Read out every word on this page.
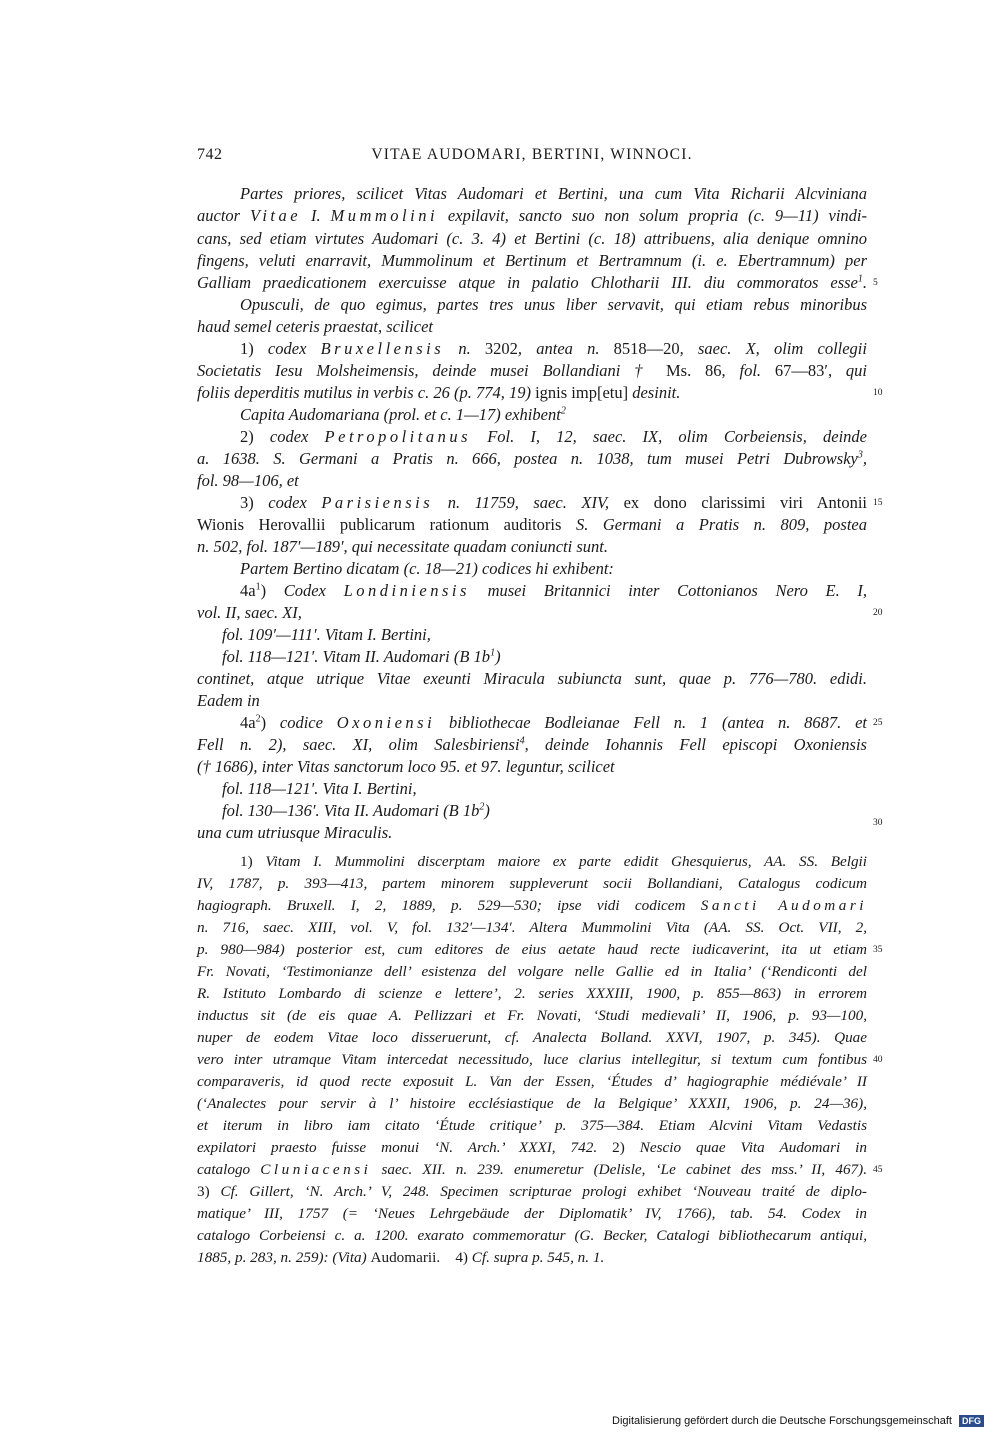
742	VITAE AUDOMARI, BERTINI, WINNOCI.
Partes priores, scilicet Vitas Audomari et Bertini, una cum Vita Richarii Alcviniana
auctor Vitae I. Mummolini expilavit, sancto suo non solum propria (c. 9—11) vindi-
cans, sed etiam virtutes Audomari (c. 3. 4) et Bertini (c. 18) attribuens, alia denique omnino
fingens, veluti enarravit, Mummolinum et Bertinum et Bertramnum (i. e. Ebertramnum) per
Galliam praedicationem exercuisse atque in palatio Chlotharii III. diu commoratos esse$^1$. 5
Opusculi, de quo egimus, partes tres unus liber servavit, qui etiam rebus minoribus
haud semel ceteris praestat, scilicet
1) codex Bruxellensis n. 3202, antea n. 8518—20, saec. X, olim collegii
Societatis Iesu Molsheimensis, deinde musei Bollandiani † Ms. 86, fol. 67—83′, qui
foliis deperditis mutilus in verbis c. 26 (p. 774, 19) ignis imp[etu] desinit.	10
Capita Audomariana (prol. et c. 1—17) exhibent$^2$
2) codex Petropolitanus Fol. I, 12, saec. IX, olim Corbeiensis, deinde
a. 1638. S. Germani a Pratis n. 666, postea n. 1038, tum musei Petri Dubrowsky$^3$,
fol. 98—106, et
3) codex Parisiensis n. 11759, saec. XIV, ex dono clarissimi viri Antonii 15
Wionis Herovallii publicarum rationum auditoris S. Germani a Pratis n. 809, postea
n. 502, fol. 187′—189′, qui necessitate quadam coniuncti sunt.
Partem Bertino dicatam (c. 18—21) codices hi exhibent:
$4a^1$) Codex Londiniensis musei Britannici inter Cottonianos Nero E. I,
vol. II, saec. XI,	20
fol. 109′—111′. Vitam I. Bertini,
fol. 118—121′. Vitam II. Audomari (B $1b^1$)
continet, atque utrique Vitae exeunti Miracula subiuncta sunt, quae p. 776—780. edidi.
Eadem in
$4a^2$) codice Oxoniensi bibliothecae Bodleianae Fell n. 1 (antea n. 8687. et 25
Fell n. 2), saec. XI, olim Salesbiriensi$^4$, deinde Iohannis Fell episcopi Oxoniensis
(† 1686), inter Vitas sanctorum loco 95. et 97. leguntur, scilicet
fol. 118—121′. Vita I. Bertini,
fol. 130—136′. Vita II. Audomari (B $1b^2$)
una cum utriusque Miraculis.	30
1) Vitam I. Mummolini discerptam maiore ex parte edidit Ghesquierus, AA. SS. Belgii
IV, 1787, p. 393—413, partem minorem suppleverunt socii Bollandiani, Catalogus codicum
hagiograph. Bruxell. I, 2, 1889, p. 529—530; ipse vidi codicem Sancti Audomari
n. 716, saec. XIII, vol. V, fol. 132′—134′. Altera Mummolini Vita (AA. SS. Oct. VII, 2,
p. 980—984) posterior est, cum editores de eius aetate haud recte iudicaverint, ita ut etiam 35
Fr. Novati, ‘Testimonianze dell’ esistenza del volgare nelle Gallie ed in Italia’ (‘Rendiconti del
R. Istituto Lombardo di scienze e lettere’, 2. series XXXIII, 1900, p. 855—863) in errorem
inductus sit (de eis quae A. Pellizzari et Fr. Novati, ‘Studi medievali’ II, 1906, p. 93—100,
nuper de eodem Vitae loco disseruerunt, cf. Analecta Bolland. XXVI, 1907, p. 345). Quae
vero inter utramque Vitam intercedat necessitudo, luce clarius intellegitur, si textum cum fontibus 40
comparaveris, id quod recte exposuit L. Van der Essen, ‘Études d’ hagiographie médiévale’ II
(‘Analectes pour servir à l’ histoire ecclésiastique de la Belgique’ XXXII, 1906, p. 24—36),
et iterum in libro iam citato ‘Étude critique’ p. 375—384. Etiam Alcvini Vitam Vedastis
expilatori praesto fuisse monui ‘N. Arch.’ XXXI, 742. 2) Nescio quae Vita Audomari in
catalogo Cluniacensi saec. XII. n. 239. enumeretur (Delisle, ‘Le cabinet des mss.’ II, 467). 45
3) Cf. Gillert, ‘N. Arch.’ V, 248. Specimen scripturae prologi exhibet ‘Nouveau traité de diplo-
matique’ III, 1757 (= ‘Neues Lehrgebäude der Diplomatik’ IV, 1766), tab. 54. Codex in
catalogo Corbeiensi c. a. 1200. exarato commemoratur (G. Becker, Catalogi bibliothecarum antiqui,
1885, p. 283, n. 259): (Vita) Audomarii. 4) Cf. supra p. 545, n. 1.
Digitalisierung gefördert durch die Deutsche Forschungsgemeinschaft DFG
